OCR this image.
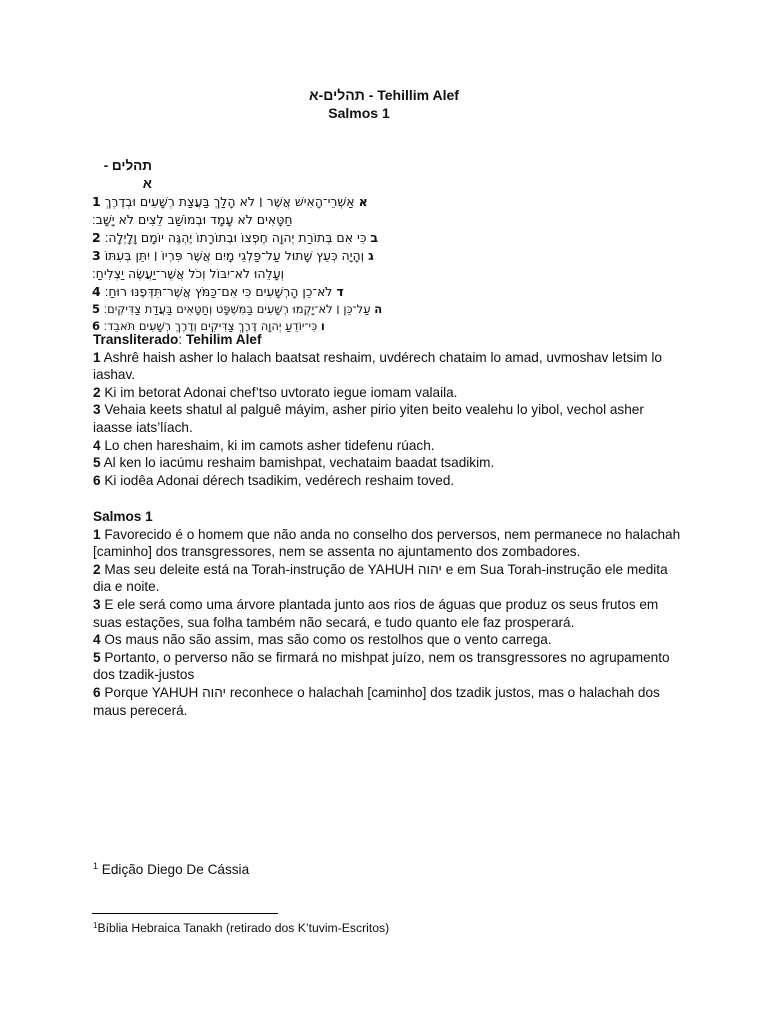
תהלים-א - Tehillim Alef
Salmos 1
תהלים - א
1 אַשְׁרֵי־הָאִישׁ אֲשֶׁר ׀ לֹא הָלַךְ בַּעֲצַת רְשָׁעִים וּבְדֶרֶךְ א
חַטָּאִים לֹא עָמָד וּבְמוֹשַׁב לֵצִים לֹא יָשָׁב׃
2 כִּי אִם בְּתוֹרַת יְהוָה חֶפְצוֹ וּבְתוֹרָתוֹ יֶהְגֶּה יוֹמָם וָלָיְלָה׃ ב
3 וְהָיָה כְּעֵץ שָׁתוּל עַל־פַּלְגֵי מָיִם אֲשֶׁר פִּרְיוֹ ׀ יִתֵּן בְּעִתּוֹ ג
וְעָלֵהוּ לֹא־יִבּוֹל וְכֹל אֲשֶׁר־יַעֲשֶׂה יַצְלִיחַ׃
4 לֹא־כֵן הָרְשָׁעִים כִּי אִם־כַּמֹּץ אֲשֶׁר־תִּדְּפֶנּוּ רוּחַ׃ ד
5 עַל־כֵּן ׀ לֹא־יָקֻמוּ רְשָׁעִים בַּמִּשְׁפָּט וְחַטָּאִים בַּעֲדַת צַדִּיקִים׃ ה
6 כִּי־יוֹדֵעַ יְהוָה דֶּרֶךְ צַדִּיקִים וְדֶרֶךְ רְשָׁעִים תֹּאבֵד׃ ו

Transliterado: Tehilim Alef

1 Ashrê haish asher lo halach baatsat reshaim, uvdérech chataim lo amad, uvmoshav letsim lo iashav.

2 Ki im betorat Adonai chef’tso uvtorato iegue iomam valaila.

3 Vehaia keets shatul al palguê máyim, asher pirio yiten beito vealehu lo yibol, vechol asher iaasse iats’líach.

4 Lo chen hareshaim, ki im camots asher tidefenu rúach.

5 Al ken lo iacúmu reshaim bamishpat, vechataim baadat tsadikim.

6 Ki iodêa Adonai dérech tsadikim, vedérech reshaim toved.

Salmos 1

1 Favorecido é o homem que não anda no conselho dos perversos, nem permanece no halachah [caminho] dos transgressores, nem se assenta no ajuntamento dos zombadores.

2 Mas seu deleite está na Torah-instrução de YAHUH יהוה e em Sua Torah-instrução ele medita dia e noite.

3 E ele será como uma árvore plantada junto aos rios de águas que produz os seus frutos em suas estações, sua folha também não secará, e tudo quanto ele faz prosperará.

4 Os maus não são assim, mas são como os restolhos que o vento carrega.

5 Portanto, o perverso não se firmará no mishpat juízo, nem os transgressores no agrupamento dos tzadik-justos

6 Porque YAHUH יהוה reconhece o halachah [caminho] dos tzadik justos, mas o halachah dos maus perecerá.

$^1$ Edição Diego De Cássia
$^1$Bíblia Hebraica Tanakh (retirado dos K’tuvim-Escritos)
